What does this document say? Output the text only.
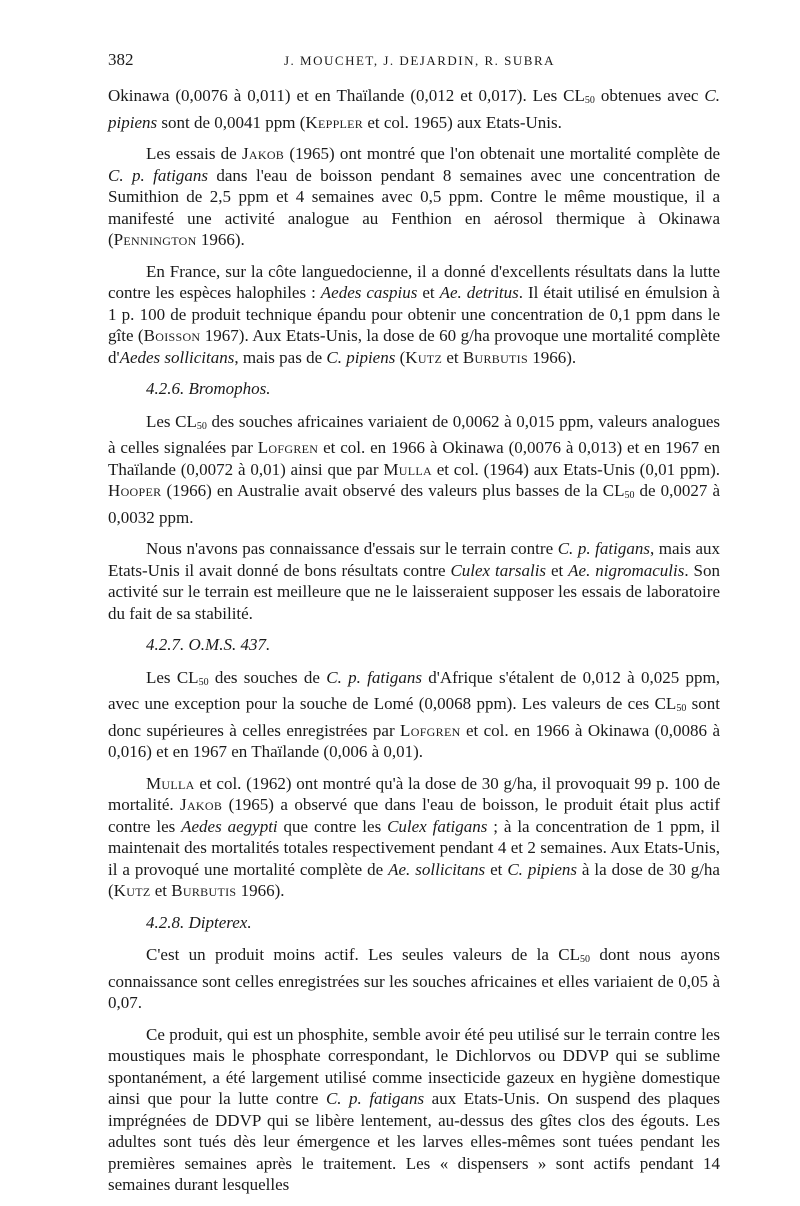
382	J. MOUCHET, J. DEJARDIN, R. SUBRA

Okinawa (0,0076 à 0,011) et en Thaïlande (0,012 et 0,017). Les $CL_{50}$ obtenues avec C. pipiens sont de 0,0041 ppm (Keppler et col. 1965) aux Etats-Unis.

Les essais de Jakob (1965) ont montré que l'on obtenait une mortalité complète de C. p. fatigans dans l'eau de boisson pendant 8 semaines avec une concentration de Sumithion de 2,5 ppm et 4 semaines avec 0,5 ppm. Contre le même moustique, il a manifesté une activité analogue au Fenthion en aérosol thermique à Okinawa (Pennington 1966).

En France, sur la côte languedocienne, il a donné d'excellents résultats dans la lutte contre les espèces halophiles : Aedes caspius et Ae. detritus. Il était utilisé en émulsion à 1 p. 100 de produit technique épandu pour obtenir une concentration de 0,1 ppm dans le gîte (Boisson 1967). Aux Etats-Unis, la dose de 60 g/ha provoque une mortalité complète d'Aedes sollicitans, mais pas de C. pipiens (Kutz et Burbutis 1966).

4.2.6. Bromophos.

Les $CL_{50}$ des souches africaines variaient de 0,0062 à 0,015 ppm, valeurs analogues à celles signalées par Lofgren et col. en 1966 à Okinawa (0,0076 à 0,013) et en 1967 en Thaïlande (0,0072 à 0,01) ainsi que par Mulla et col. (1964) aux Etats-Unis (0,01 ppm). Hooper (1966) en Australie avait observé des valeurs plus basses de la $CL_{50}$ de 0,0027 à 0,0032 ppm.

Nous n'avons pas connaissance d'essais sur le terrain contre C. p. fatigans, mais aux Etats-Unis il avait donné de bons résultats contre Culex tarsalis et Ae. nigromaculis. Son activité sur le terrain est meilleure que ne le laisseraient supposer les essais de laboratoire du fait de sa stabilité.

4.2.7. O.M.S. 437.

Les $CL_{50}$ des souches de C. p. fatigans d'Afrique s'étalent de 0,012 à 0,025 ppm, avec une exception pour la souche de Lomé (0,0068 ppm). Les valeurs de ces $CL_{50}$ sont donc supérieures à celles enregistrées par Lofgren et col. en 1966 à Okinawa (0,0086 à 0,016) et en 1967 en Thaïlande (0,006 à 0,01).

Mulla et col. (1962) ont montré qu'à la dose de 30 g/ha, il provoquait 99 p. 100 de mortalité. Jakob (1965) a observé que dans l'eau de boisson, le produit était plus actif contre les Aedes aegypti que contre les Culex fatigans ; à la concentration de 1 ppm, il maintenait des mortalités totales respectivement pendant 4 et 2 semaines. Aux Etats-Unis, il a provoqué une mortalité complète de Ae. sollicitans et C. pipiens à la dose de 30 g/ha (Kutz et Burbutis 1966).

4.2.8. Dipterex.

C'est un produit moins actif. Les seules valeurs de la $CL_{50}$ dont nous ayons connaissance sont celles enregistrées sur les souches africaines et elles variaient de 0,05 à 0,07.

Ce produit, qui est un phosphite, semble avoir été peu utilisé sur le terrain contre les moustiques mais le phosphate correspondant, le Dichlorvos ou DDVP qui se sublime spontanément, a été largement utilisé comme insecticide gazeux en hygiène domestique ainsi que pour la lutte contre C. p. fatigans aux Etats-Unis. On suspend des plaques imprégnées de DDVP qui se libère lentement, au-dessus des gîtes clos des égouts. Les adultes sont tués dès leur émergence et les larves elles-mêmes sont tuées pendant les premières semaines après le traitement. Les « dispensers » sont actifs pendant 14 semaines durant lesquelles
